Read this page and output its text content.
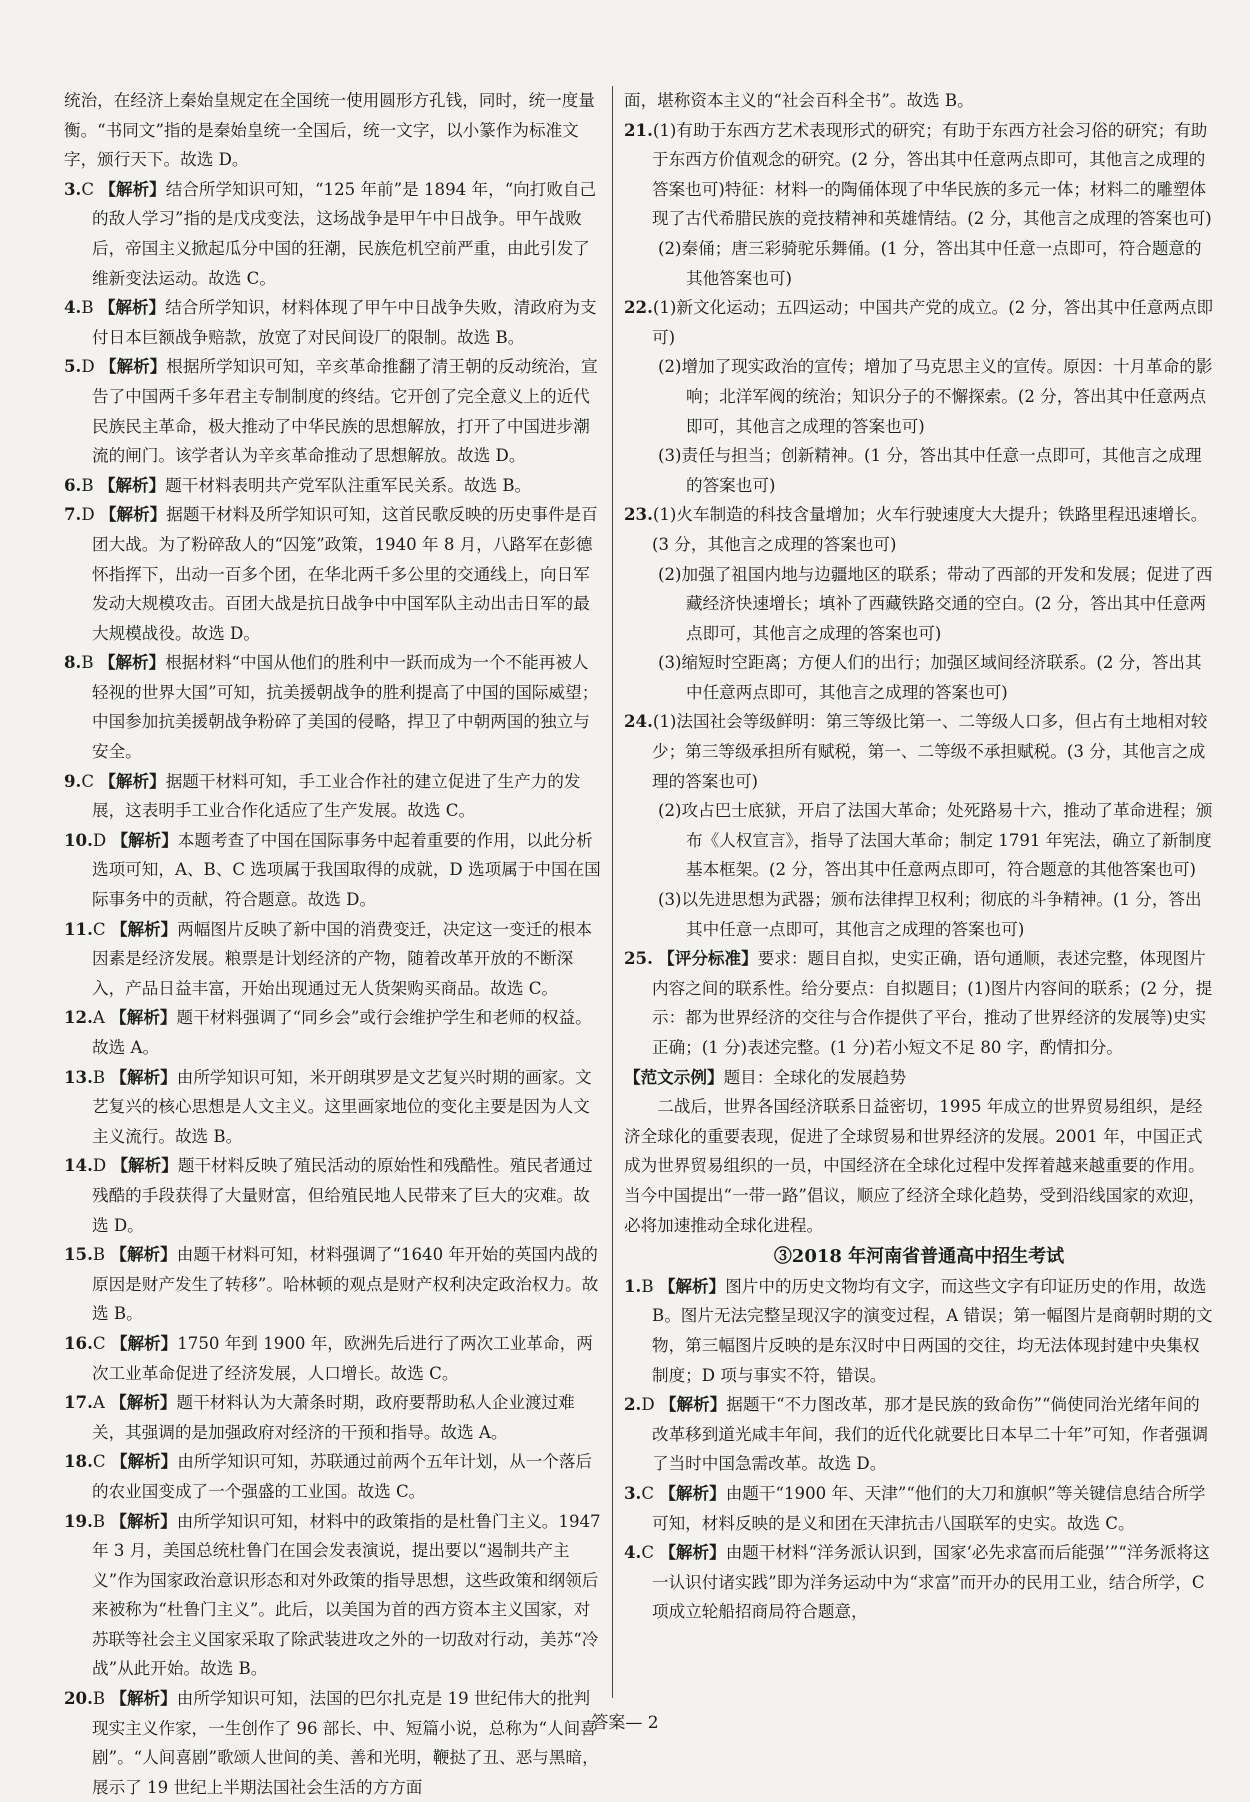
统治，在经济上秦始皇规定在全国统一使用圆形方孔钱，同时，统一度量衡。“书同文”指的是秦始皇统一全国后，统一文字，以小篆作为标准文字，颁行天下。故选 D。

3.C 【解析】结合所学知识可知，“125 年前”是 1894 年，“向打败自己的敌人学习”指的是戊戌变法，这场战争是甲午中日战争。甲午战败后，帝国主义掀起瓜分中国的狂潮，民族危机空前严重，由此引发了维新变法运动。故选 C。

4.B 【解析】结合所学知识，材料体现了甲午中日战争失败，清政府为支付日本巨额战争赔款，放宽了对民间设厂的限制。故选 B。

5.D 【解析】根据所学知识可知，辛亥革命推翻了清王朝的反动统治，宣告了中国两千多年君主专制制度的终结。它开创了完全意义上的近代民族民主革命，极大推动了中华民族的思想解放，打开了中国进步潮流的闸门。该学者认为辛亥革命推动了思想解放。故选 D。

6.B 【解析】题干材料表明共产党军队注重军民关系。故选 B。

7.D 【解析】据题干材料及所学知识可知，这首民歌反映的历史事件是百团大战。为了粉碎敌人的“囚笼”政策，1940 年 8 月，八路军在彭德怀指挥下，出动一百多个团，在华北两千多公里的交通线上，向日军发动大规模攻击。百团大战是抗日战争中中国军队主动出击日军的最大规模战役。故选 D。

8.B 【解析】根据材料“中国从他们的胜利中一跃而成为一个不能再被人轻视的世界大国”可知，抗美援朝战争的胜利提高了中国的国际威望；中国参加抗美援朝战争粉碎了美国的侵略，捍卫了中朝两国的独立与安全。

9.C 【解析】据题干材料可知，手工业合作社的建立促进了生产力的发展，这表明手工业合作化适应了生产发展。故选 C。

10.D 【解析】本题考查了中国在国际事务中起着重要的作用，以此分析选项可知，A、B、C 选项属于我国取得的成就，D 选项属于中国在国际事务中的贡献，符合题意。故选 D。

11.C 【解析】两幅图片反映了新中国的消费变迁，决定这一变迁的根本因素是经济发展。粮票是计划经济的产物，随着改革开放的不断深入，产品日益丰富，开始出现通过无人货架购买商品。故选 C。

12.A 【解析】题干材料强调了“同乡会”或行会维护学生和老师的权益。故选 A。

13.B 【解析】由所学知识可知，米开朗琪罗是文艺复兴时期的画家。文艺复兴的核心思想是人文主义。这里画家地位的变化主要是因为人文主义流行。故选 B。

14.D 【解析】题干材料反映了殖民活动的原始性和残酷性。殖民者通过残酷的手段获得了大量财富，但给殖民地人民带来了巨大的灾难。故选 D。

15.B 【解析】由题干材料可知，材料强调了“1640 年开始的英国内战的原因是财产发生了转移”。哈林顿的观点是财产权利决定政治权力。故选 B。

16.C 【解析】1750 年到 1900 年，欧洲先后进行了两次工业革命，两次工业革命促进了经济发展，人口增长。故选 C。

17.A 【解析】题干材料认为大萧条时期，政府要帮助私人企业渡过难关，其强调的是加强政府对经济的干预和指导。故选 A。

18.C 【解析】由所学知识可知，苏联通过前两个五年计划，从一个落后的农业国变成了一个强盛的工业国。故选 C。

19.B 【解析】由所学知识可知，材料中的政策指的是杜鲁门主义。1947 年 3 月，美国总统杜鲁门在国会发表演说，提出要以“遏制共产主义”作为国家政治意识形态和对外政策的指导思想，这些政策和纲领后来被称为“杜鲁门主义”。此后，以美国为首的西方资本主义国家，对苏联等社会主义国家采取了除武装进攻之外的一切敌对行动，美苏“冷战”从此开始。故选 B。

20.B 【解析】由所学知识可知，法国的巴尔扎克是 19 世纪伟大的批判现实主义作家，一生创作了 96 部长、中、短篇小说，总称为“人间喜剧”。“人间喜剧”歌颂人世间的美、善和光明，鞭挞了丑、恶与黑暗，展示了 19 世纪上半期法国社会生活的方方面

面，堪称资本主义的“社会百科全书”。故选 B。

21.(1)有助于东西方艺术表现形式的研究；有助于东西方社会习俗的研究；有助于东西方价值观念的研究。(2 分，答出其中任意两点即可，其他言之成理的答案也可)特征：材料一的陶俑体现了中华民族的多元一体；材料二的雕塑体现了古代希腊民族的竞技精神和英雄情结。(2 分，其他言之成理的答案也可)

(2)秦俑；唐三彩骑驼乐舞俑。(1 分，答出其中任意一点即可，符合题意的其他答案也可)

22.(1)新文化运动；五四运动；中国共产党的成立。(2 分，答出其中任意两点即可)

(2)增加了现实政治的宣传；增加了马克思主义的宣传。原因：十月革命的影响；北洋军阀的统治；知识分子的不懈探索。(2 分，答出其中任意两点即可，其他言之成理的答案也可)

(3)责任与担当；创新精神。(1 分，答出其中任意一点即可，其他言之成理的答案也可)

23.(1)火车制造的科技含量增加；火车行驶速度大大提升；铁路里程迅速增长。(3 分，其他言之成理的答案也可)

(2)加强了祖国内地与边疆地区的联系；带动了西部的开发和发展；促进了西藏经济快速增长；填补了西藏铁路交通的空白。(2 分，答出其中任意两点即可，其他言之成理的答案也可)

(3)缩短时空距离；方便人们的出行；加强区域间经济联系。(2 分，答出其中任意两点即可，其他言之成理的答案也可)

24.(1)法国社会等级鲜明：第三等级比第一、二等级人口多，但占有土地相对较少；第三等级承担所有赋税，第一、二等级不承担赋税。(3 分，其他言之成理的答案也可)

(2)攻占巴士底狱，开启了法国大革命；处死路易十六，推动了革命进程；颁布《人权宣言》，指导了法国大革命；制定 1791 年宪法，确立了新制度基本框架。(2 分，答出其中任意两点即可，符合题意的其他答案也可)

(3)以先进思想为武器；颁布法律捍卫权利；彻底的斗争精神。(1 分，答出其中任意一点即可，其他言之成理的答案也可)

25. 【评分标准】要求：题目自拟，史实正确，语句通顺，表述完整，体现图片内容之间的联系性。给分要点：自拟题目；(1)图片内容间的联系；(2 分，提示：都为世界经济的交往与合作提供了平台，推动了世界经济的发展等)史实正确；(1 分)表述完整。(1 分)若小短文不足 80 字，酌情扣分。

【范文示例】题目：全球化的发展趋势

二战后，世界各国经济联系日益密切，1995 年成立的世界贸易组织，是经济全球化的重要表现，促进了全球贸易和世界经济的发展。2001 年，中国正式成为世界贸易组织的一员，中国经济在全球化过程中发挥着越来越重要的作用。当今中国提出“一带一路”倡议，顺应了经济全球化趋势，受到沿线国家的欢迎，必将加速推动全球化进程。

③2018 年河南省普通高中招生考试

1.B 【解析】图片中的历史文物均有文字，而这些文字有印证历史的作用，故选 B。图片无法完整呈现汉字的演变过程，A 错误；第一幅图片是商朝时期的文物，第三幅图片反映的是东汉时中日两国的交往，均无法体现封建中央集权制度；D 项与事实不符，错误。

2.D 【解析】据题干“不力图改革，那才是民族的致命伤”“倘使同治光绪年间的改革移到道光咸丰年间，我们的近代化就要比日本早二十年”可知，作者强调了当时中国急需改革。故选 D。

3.C 【解析】由题干“1900 年、天津”“他们的大刀和旗帜”等关键信息结合所学可知，材料反映的是义和团在天津抗击八国联军的史实。故选 C。

4.C 【解析】由题干材料“洋务派认识到，国家‘必先求富而后能强’”“洋务派将这一认识付诸实践”即为洋务运动中为“求富”而开办的民用工业，结合所学，C 项成立轮船招商局符合题意，

答案— 2
